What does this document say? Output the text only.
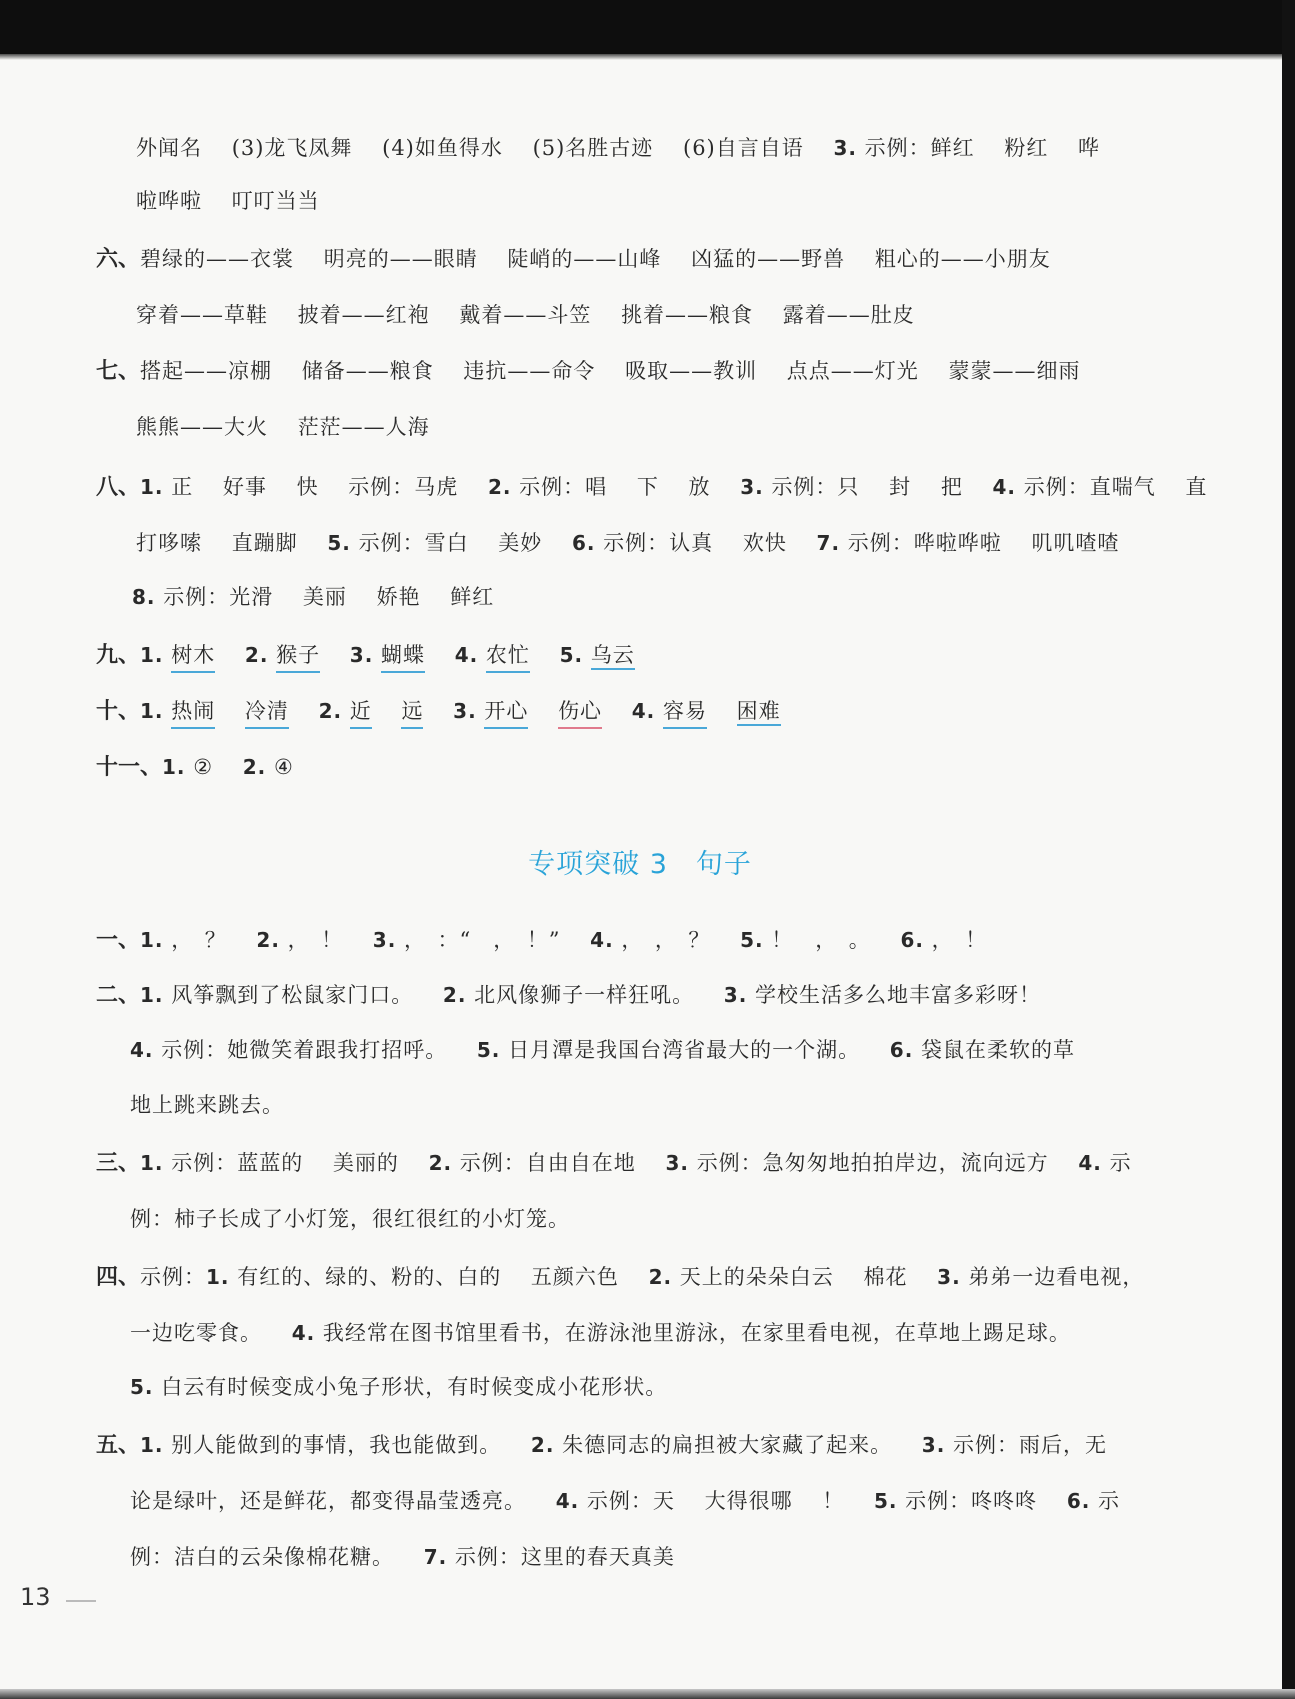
外闻名 (3)龙飞凤舞 (4)如鱼得水 (5)名胜古迹 (6)自言自语 3. 示例：鲜红 粉红 哗
啦哗啦 叮叮当当
六、碧绿的——衣裳 明亮的——眼睛 陡峭的——山峰 凶猛的——野兽 粗心的——小朋友
穿着——草鞋 披着——红袍 戴着——斗笠 挑着——粮食 露着——肚皮
七、搭起——凉棚 储备——粮食 违抗——命令 吸取——教训 点点——灯光 蒙蒙——细雨
熊熊——大火 茫茫——人海
八、1. 正 好事 快 示例：马虎 2. 示例：唱 下 放 3. 示例：只 封 把 4. 示例：直喘气 直
打哆嗦 直蹦脚 5. 示例：雪白 美妙 6. 示例：认真 欢快 7. 示例：哗啦哗啦 叽叽喳喳
8. 示例：光滑 美丽 娇艳 鲜红
九、1. 树木 2. 猴子 3. 蝴蝶 4. 农忙 5. 乌云
十、1. 热闹 冷清 2. 近 远 3. 开心 伤心 4. 容易 困难
十一、1. ② 2. ④
专项突破 3　句子
一、1. ，　？ 2. ，　！ 3. ，　：“　，　！” 4. ，　，　？ 5. ！　，　。 6. ，　！
二、1. 风筝飘到了松鼠家门口。 2. 北风像狮子一样狂吼。 3. 学校生活多么地丰富多彩呀！
4. 示例：她微笑着跟我打招呼。 5. 日月潭是我国台湾省最大的一个湖。 6. 袋鼠在柔软的草
地上跳来跳去。
三、1. 示例：蓝蓝的 美丽的 2. 示例：自由自在地 3. 示例：急匆匆地拍拍岸边，流向远方 4. 示
例：柿子长成了小灯笼，很红很红的小灯笼。
四、示例：1. 有红的、绿的、粉的、白的 五颜六色 2. 天上的朵朵白云 棉花 3. 弟弟一边看电视，
一边吃零食。 4. 我经常在图书馆里看书，在游泳池里游泳，在家里看电视，在草地上踢足球。
5. 白云有时候变成小兔子形状，有时候变成小花形状。
五、1. 别人能做到的事情，我也能做到。 2. 朱德同志的扁担被大家藏了起来。 3. 示例：雨后，无
论是绿叶，还是鲜花，都变得晶莹透亮。 4. 示例：天 大得很哪 ！ 5. 示例：咚咚咚 6. 示
例：洁白的云朵像棉花糖。 7. 示例：这里的春天真美
13
